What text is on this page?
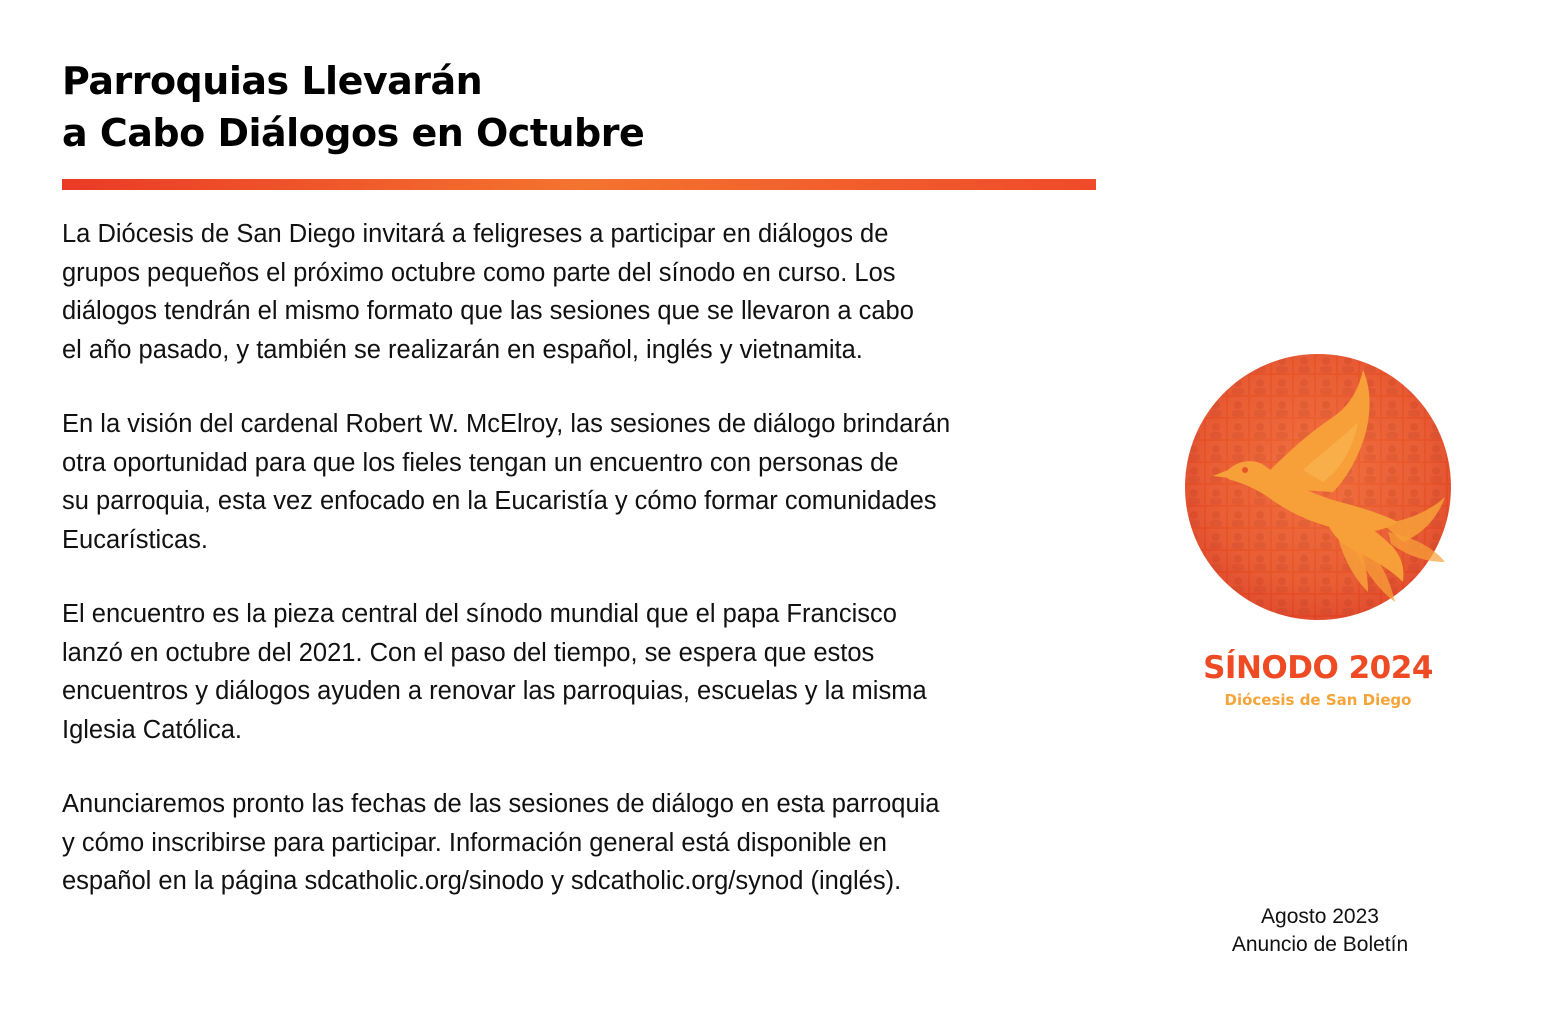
Parroquias Llevarán
a Cabo Diálogos en Octubre

La Diócesis de San Diego invitará a feligreses a participar en diálogos de
grupos pequeños el próximo octubre como parte del sínodo en curso. Los
diálogos tendrán el mismo formato que las sesiones que se llevaron a cabo
el año pasado, y también se realizarán en español, inglés y vietnamita.

En la visión del cardenal Robert W. McElroy, las sesiones de diálogo brindarán
otra oportunidad para que los fieles tengan un encuentro con personas de
su parroquia, esta vez enfocado en la Eucaristía y cómo formar comunidades
Eucarísticas.

El encuentro es la pieza central del sínodo mundial que el papa Francisco
lanzó en octubre del 2021. Con el paso del tiempo, se espera que estos
encuentros y diálogos ayuden a renovar las parroquias, escuelas y la misma
Iglesia Católica.

Anunciaremos pronto las fechas de las sesiones de diálogo en esta parroquia
y cómo inscribirse para participar. Información general está disponible en
español en la página sdcatholic.org/sinodo y sdcatholic.org/synod (inglés).

SÍNODO 2024
Diócesis de San Diego
Agosto 2023
Anuncio de Boletín
